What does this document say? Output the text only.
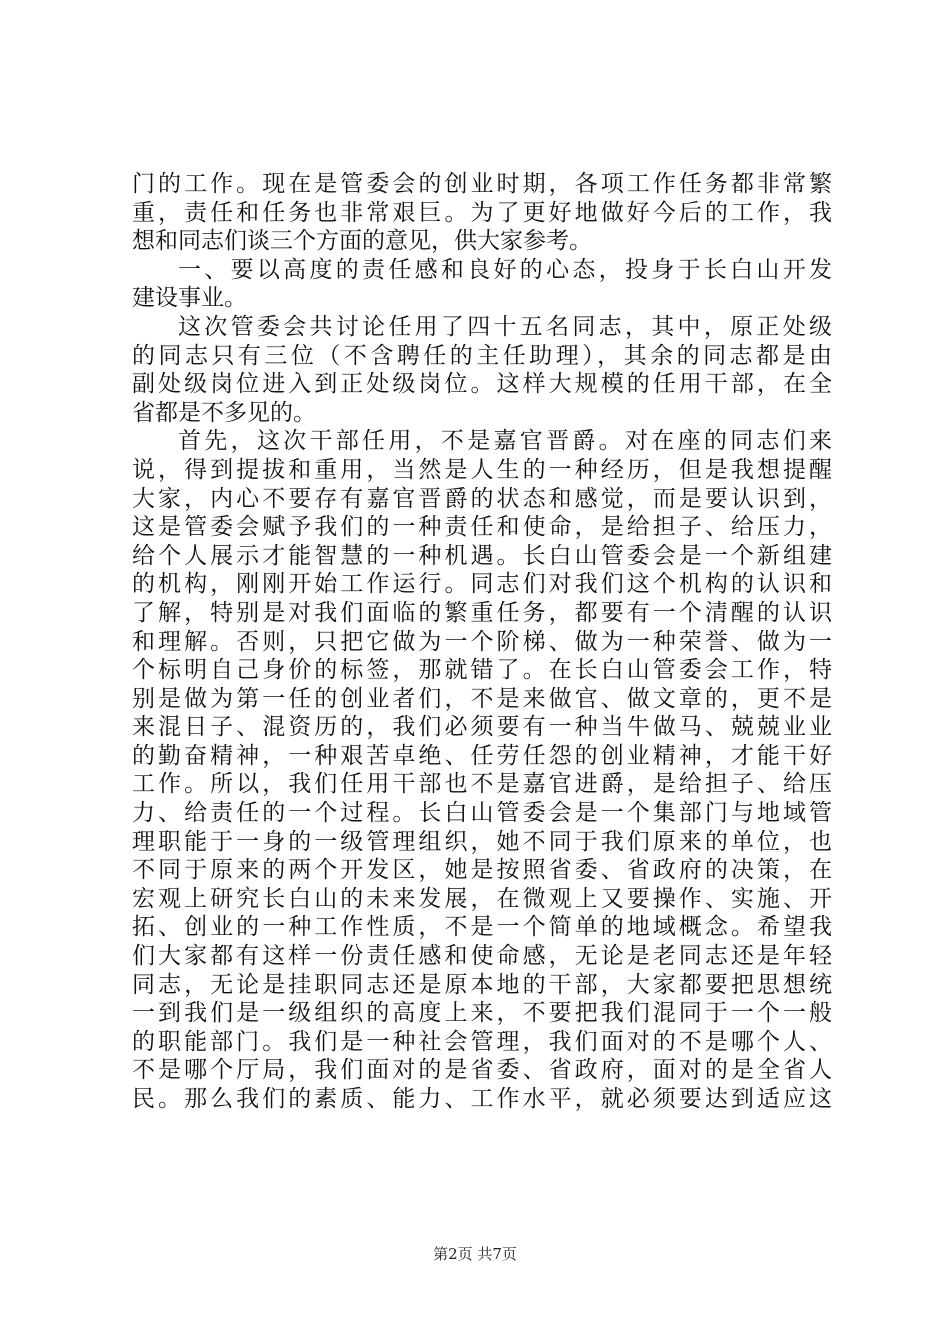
门的工作。现在是管委会的创业时期，各项工作任务都非常繁
重，责任和任务也非常艰巨。为了更好地做好今后的工作，我
想和同志们谈三个方面的意见，供大家参考。
一、要以高度的责任感和良好的心态，投身于长白山开发
建设事业。
这次管委会共讨论任用了四十五名同志，其中，原正处级
的同志只有三位（不含聘任的主任助理），其余的同志都是由
副处级岗位进入到正处级岗位。这样大规模的任用干部，在全
省都是不多见的。
首先，这次干部任用，不是嘉官晋爵。对在座的同志们来
说，得到提拔和重用，当然是人生的一种经历，但是我想提醒
大家，内心不要存有嘉官晋爵的状态和感觉，而是要认识到，
这是管委会赋予我们的一种责任和使命，是给担子、给压力，
给个人展示才能智慧的一种机遇。长白山管委会是一个新组建
的机构，刚刚开始工作运行。同志们对我们这个机构的认识和
了解，特别是对我们面临的繁重任务，都要有一个清醒的认识
和理解。否则，只把它做为一个阶梯、做为一种荣誉、做为一
个标明自己身价的标签，那就错了。在长白山管委会工作，特
别是做为第一任的创业者们，不是来做官、做文章的，更不是
来混日子、混资历的，我们必须要有一种当牛做马、兢兢业业
的勤奋精神，一种艰苦卓绝、任劳任怨的创业精神，才能干好
工作。所以，我们任用干部也不是嘉官进爵，是给担子、给压
力、给责任的一个过程。长白山管委会是一个集部门与地域管
理职能于一身的一级管理组织，她不同于我们原来的单位，也
不同于原来的两个开发区，她是按照省委、省政府的决策，在
宏观上研究长白山的未来发展，在微观上又要操作、实施、开
拓、创业的一种工作性质，不是一个简单的地域概念。希望我
们大家都有这样一份责任感和使命感，无论是老同志还是年轻
同志，无论是挂职同志还是原本地的干部，大家都要把思想统
一到我们是一级组织的高度上来，不要把我们混同于一个一般
的职能部门。我们是一种社会管理，我们面对的不是哪个人、
不是哪个厅局，我们面对的是省委、省政府，面对的是全省人
民。那么我们的素质、能力、工作水平，就必须要达到适应这
第2页 共7页
